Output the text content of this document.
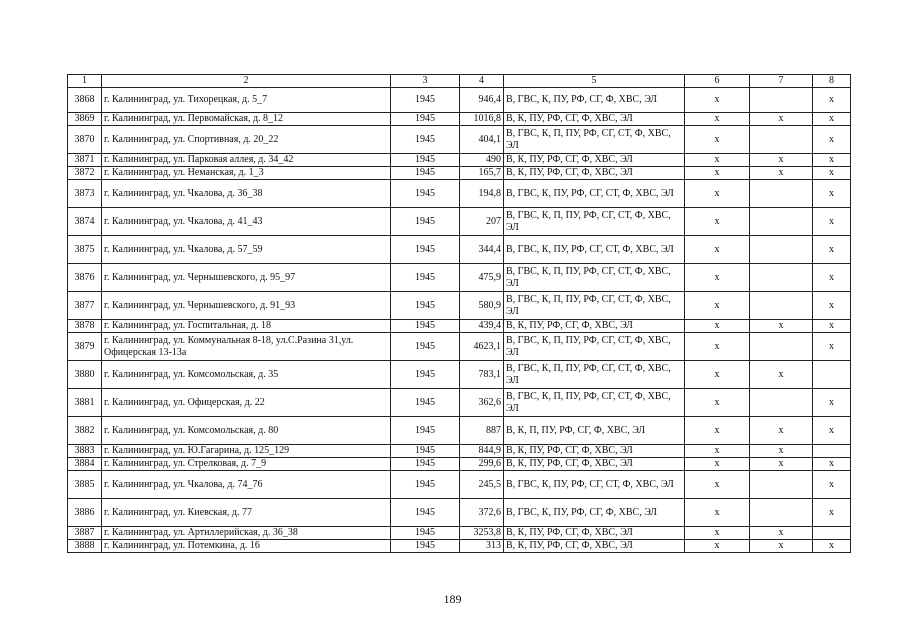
1	2	3	4	5	6	7	8
3868	г. Калининград, ул. Тихорецкая, д. 5_7	1945	946,4	В, ГВС, К, ПУ, РФ, СГ, Ф, ХВС, ЭЛ	x		x
3869	г. Калининград, ул. Первомайская, д. 8_12	1945	1016,8	В, К, ПУ, РФ, СГ, Ф, ХВС, ЭЛ	x	x	x
3870	г. Калининград, ул. Спортивная, д. 20_22	1945	404,1	В, ГВС, К, П, ПУ, РФ, СГ, СТ, Ф, ХВС, ЭЛ	x		x
3871	г. Калининград, ул. Парковая аллея, д. 34_42	1945	490	В, К, ПУ, РФ, СГ, Ф, ХВС, ЭЛ	x	x	x
3872	г. Калининград, ул. Неманская, д. 1_3	1945	165,7	В, К, ПУ, РФ, СГ, Ф, ХВС, ЭЛ	x	x	x
3873	г. Калининград, ул. Чкалова, д. 36_38	1945	194,8	В, ГВС, К, ПУ, РФ, СГ, СТ, Ф, ХВС, ЭЛ	x		x
3874	г. Калининград, ул. Чкалова, д. 41_43	1945	207	В, ГВС, К, П, ПУ, РФ, СГ, СТ, Ф, ХВС, ЭЛ	x		x
3875	г. Калининград, ул. Чкалова, д. 57_59	1945	344,4	В, ГВС, К, ПУ, РФ, СГ, СТ, Ф, ХВС, ЭЛ	x		x
3876	г. Калининград, ул. Чернышевского, д. 95_97	1945	475,9	В, ГВС, К, П, ПУ, РФ, СГ, СТ, Ф, ХВС, ЭЛ	x		x
3877	г. Калининград, ул. Чернышевского, д. 91_93	1945	580,9	В, ГВС, К, П, ПУ, РФ, СГ, СТ, Ф, ХВС, ЭЛ	x		x
3878	г. Калининград, ул. Госпитальная, д. 18	1945	439,4	В, К, ПУ, РФ, СГ, Ф, ХВС, ЭЛ	x	x	x
3879	г. Калининград, ул. Коммунальная 8-18, ул.С.Разина 31,ул. Офицерская 13-13а	1945	4623,1	В, ГВС, К, П, ПУ, РФ, СГ, СТ, Ф, ХВС, ЭЛ	x		x
3880	г. Калининград, ул. Комсомольская, д. 35	1945	783,1	В, ГВС, К, П, ПУ, РФ, СГ, СТ, Ф, ХВС, ЭЛ	x	x	
3881	г. Калининград, ул. Офицерская, д. 22	1945	362,6	В, ГВС, К, П, ПУ, РФ, СГ, СТ, Ф, ХВС, ЭЛ	x		x
3882	г. Калининград, ул. Комсомольская, д. 80	1945	887	В, К, П, ПУ, РФ, СГ, Ф, ХВС, ЭЛ	x	x	x
3883	г. Калининград, ул. Ю.Гагарина, д. 125_129	1945	844,9	В, К, ПУ, РФ, СГ, Ф, ХВС, ЭЛ	x	x	
3884	г. Калининград, ул. Стрелковая, д. 7_9	1945	299,6	В, К, ПУ, РФ, СГ, Ф, ХВС, ЭЛ	x	x	x
3885	г. Калининград, ул. Чкалова, д. 74_76	1945	245,5	В, ГВС, К, ПУ, РФ, СГ, СТ, Ф, ХВС, ЭЛ	x		x
3886	г. Калининград, ул. Киевская, д. 77	1945	372,6	В, ГВС, К, ПУ, РФ, СГ, Ф, ХВС, ЭЛ	x		x
3887	г. Калининград, ул. Артиллерийская, д. 36_38	1945	3253,8	В, К, ПУ, РФ, СГ, Ф, ХВС, ЭЛ	x	x	
3888	г. Калининград, ул. Потемкина, д. 16	1945	313	В, К, ПУ, РФ, СГ, Ф, ХВС, ЭЛ	x	x	x
189
